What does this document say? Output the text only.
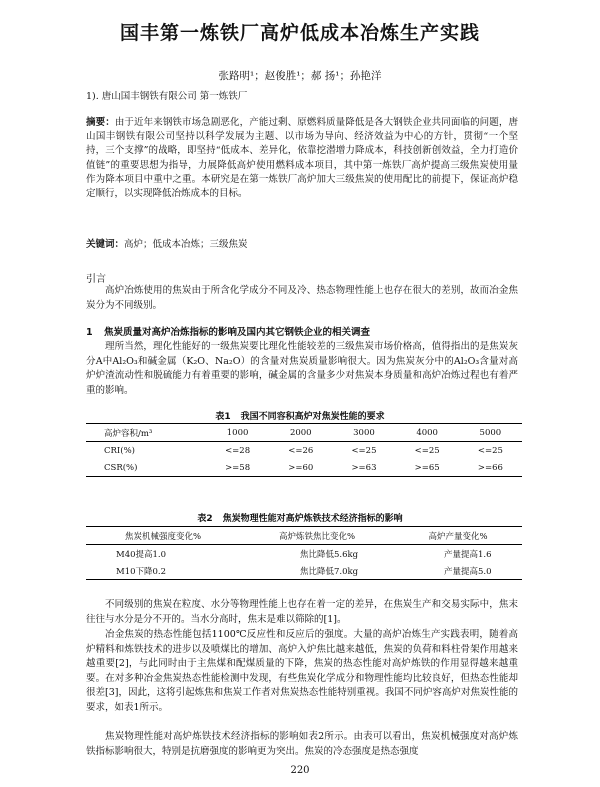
国丰第一炼铁厂高炉低成本冶炼生产实践
张路明¹；赵俊胜¹；郝 扬¹；孙艳洋
1). 唐山国丰钢铁有限公司 第一炼铁厂
摘要：由于近年来钢铁市场急剧恶化，产能过剩、原燃料质量降低是各大钢铁企业共同面临的问题，唐山国丰钢铁有限公司坚持以科学发展为主题、以市场为导向、经济效益为中心的方针，贯彻“一个坚持，三个支撑”的战略，即坚持“低成本、差异化，依靠挖潜增力降成本，科技创新创效益，全力打造价值链”的重要思想为指导，力展降低高炉使用燃料成本项目，其中第一炼铁厂高炉提高三级焦炭使用量作为降本项目中重中之重。本研究是在第一炼铁厂高炉加大三级焦炭的使用配比的前提下，保证高炉稳定顺行，以实现降低冶炼成本的目标。
关键词：高炉；低成本冶炼；三级焦炭
引言
高炉冶炼使用的焦炭由于所含化学成分不同及冷、热态物理性能上也存在很大的差别，故而冶金焦炭分为不同级别。
1 焦炭质量对高炉冶炼指标的影响及国内其它钢铁企业的相关调查
理所当然，理化性能好的一级焦炭要比理化性能较差的三级焦炭市场价格高，值得指出的是焦炭灰分A中Al₂O₃和碱金属（K₂O、Na₂O）的含量对焦炭质量影响很大。因为焦炭灰分中的Al₂O₃含量对高炉炉渣流动性和脱硫能力有着重要的影响，碱金属的含量多少对焦炭本身质量和高炉冶炼过程也有着严重的影响。
表1 我国不同容积高炉对焦炭性能的要求
高炉容积/m³	1000	2000	3000	4000	5000
CRI(%)	<=28	<=26	<=25	<=25	<=25
CSR(%)	>=58	>=60	>=63	>=65	>=66
表2 焦炭物理性能对高炉炼铁技术经济指标的影响
焦炭机械强度变化%	高炉炼铁焦比变化%	高炉产量变化%
M40提高1.0	焦比降低5.6kg	产量提高1.6
M10下降0.2	焦比降低7.0kg	产量提高5.0
不同级别的焦炭在粒度、水分等物理性能上也存在着一定的差异，在焦炭生产和交易实际中，焦末往往与水分是分不开的。当水分高时，焦末是难以筛除的[1]。
冶金焦炭的热态性能包括1100℃反应性和反应后的强度。大量的高炉冶炼生产实践表明，随着高炉精料和炼铁技术的进步以及喷煤比的增加、高炉入炉焦比越来越低，焦炭的负荷和料柱骨架作用越来越重要[2]，与此同时由于主焦煤和配煤质量的下降，焦炭的热态性能对高炉炼铁的作用显得越来越重要。在对多种冶金焦炭热态性能检测中发现，有些焦炭化学成分和物理性能均比较良好，但热态性能却很差[3]，因此，这将引起炼焦和焦炭工作者对焦炭热态性能特别重视。我国不同炉容高炉对焦炭性能的要求，如表1所示。
焦炭物理性能对高炉炼铁技术经济指标的影响如表2所示。由表可以看出，焦炭机械强度对高炉炼铁指标影响很大，特别是抗磨强度的影响更为突出。焦炭的冷态强度是热态强度
220
